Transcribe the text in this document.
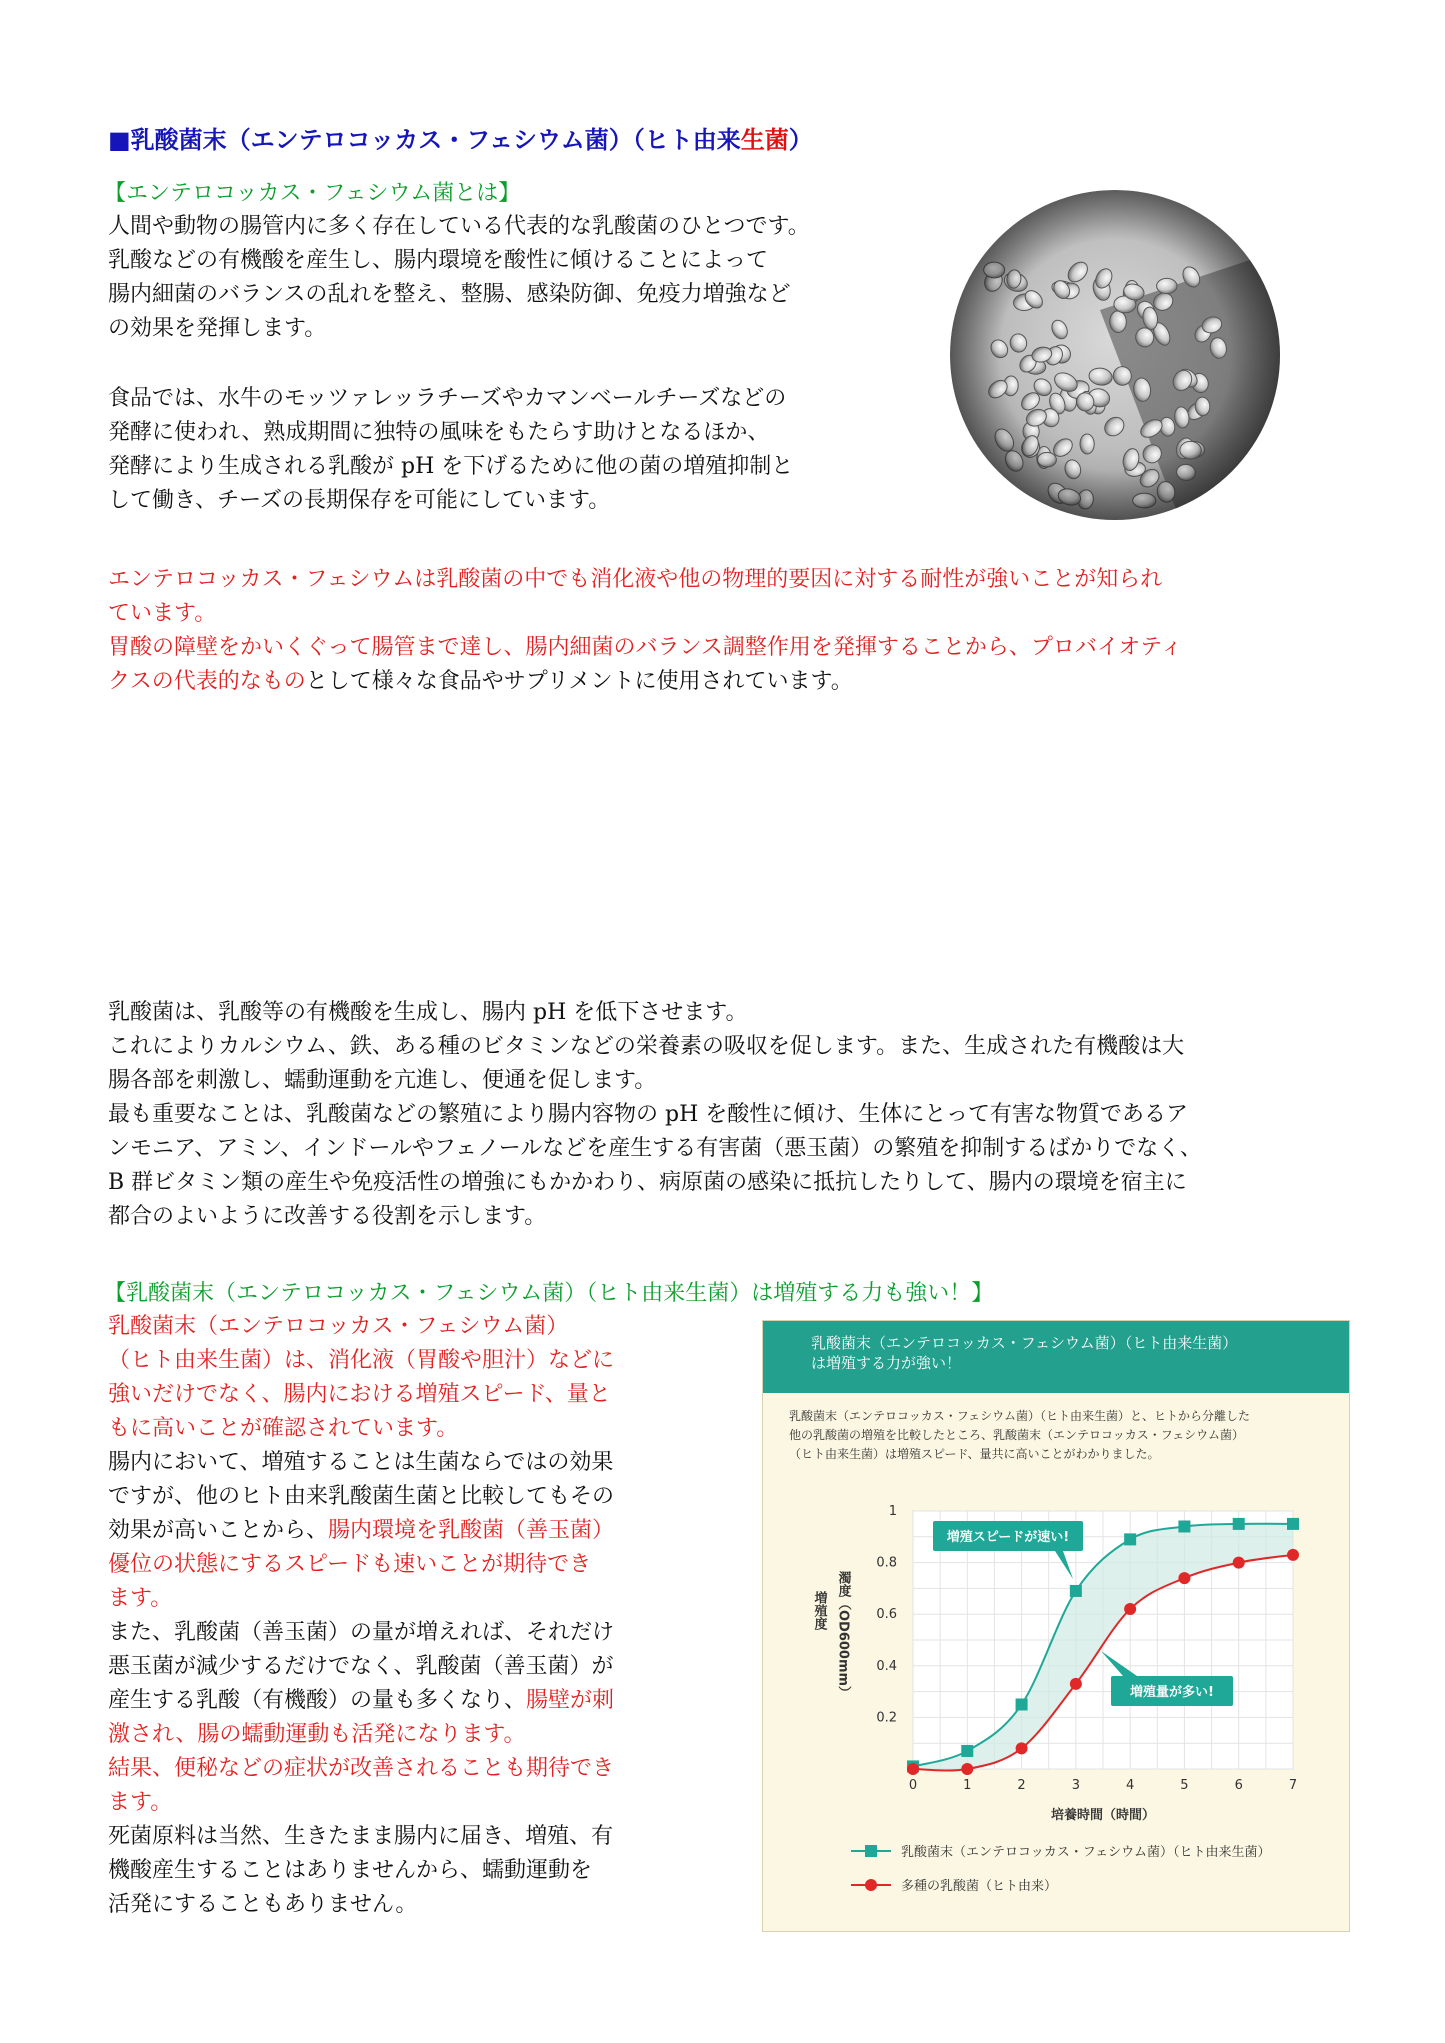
■乳酸菌末（エンテロコッカス・フェシウム菌）（ヒト由来生菌）
【エンテロコッカス・フェシウム菌とは】
人間や動物の腸管内に多く存在している代表的な乳酸菌のひとつです。
乳酸などの有機酸を産生し、腸内環境を酸性に傾けることによって
腸内細菌のバランスの乱れを整え、整腸、感染防御、免疫力増強など
の効果を発揮します。
食品では、水牛のモッツァレッラチーズやカマンベールチーズなどの
発酵に使われ、熟成期間に独特の風味をもたらす助けとなるほか、
発酵により生成される乳酸が pH を下げるために他の菌の増殖抑制と
して働き、チーズの長期保存を可能にしています。
エンテロコッカス・フェシウムは乳酸菌の中でも消化液や他の物理的要因に対する耐性が強いことが知られ
ています。
胃酸の障壁をかいくぐって腸管まで達し、腸内細菌のバランス調整作用を発揮することから、プロバイオティ
クスの代表的なものとして様々な食品やサプリメントに使用されています。
乳酸菌は、乳酸等の有機酸を生成し、腸内 pH を低下させます。
これによりカルシウム、鉄、ある種のビタミンなどの栄養素の吸収を促します。また、生成された有機酸は大
腸各部を刺激し、蠕動運動を亢進し、便通を促します。
最も重要なことは、乳酸菌などの繁殖により腸内容物の pH を酸性に傾け、生体にとって有害な物質であるア
ンモニア、アミン、インドールやフェノールなどを産生する有害菌（悪玉菌）の繁殖を抑制するばかりでなく、
B 群ビタミン類の産生や免疫活性の増強にもかかわり、病原菌の感染に抵抗したりして、腸内の環境を宿主に
都合のよいように改善する役割を示します。
【乳酸菌末（エンテロコッカス・フェシウム菌）（ヒト由来生菌）は増殖する力も強い！】
乳酸菌末（エンテロコッカス・フェシウム菌）
（ヒト由来生菌）は、消化液（胃酸や胆汁）などに
強いだけでなく、腸内における増殖スピード、量と
もに高いことが確認されています。
腸内において、増殖することは生菌ならではの効果
ですが、他のヒト由来乳酸菌生菌と比較してもその
効果が高いことから、腸内環境を乳酸菌（善玉菌）
優位の状態にするスピードも速いことが期待でき
ます。
また、乳酸菌（善玉菌）の量が増えれば、それだけ
悪玉菌が減少するだけでなく、乳酸菌（善玉菌）が
産生する乳酸（有機酸）の量も多くなり、腸壁が刺
激され、腸の蠕動運動も活発になります。
結果、便秘などの症状が改善されることも期待でき
ます。
死菌原料は当然、生きたまま腸内に届き、増殖、有
機酸産生することはありませんから、蠕動運動を
活発にすることもありません。
乳酸菌末（エンテロコッカス・フェシウム菌）（ヒト由来生菌）
は増殖する力が強い！
乳酸菌末（エンテロコッカス・フェシウム菌）（ヒト由来生菌）と、ヒトから分離した
他の乳酸菌の増殖を比較したところ、乳酸菌末（エンテロコッカス・フェシウム菌）
（ヒト由来生菌）は増殖スピード、量共に高いことがわかりました。
0.2
0.4
0.6
0.8
1
0	1	2	3	4	5	6	7
培養時間（時間）
増殖度 濁度（OD600mm）
増殖スピードが速い!
増殖量が多い!
乳酸菌末（エンテロコッカス・フェシウム菌）（ヒト由来生菌）
多種の乳酸菌（ヒト由来）
